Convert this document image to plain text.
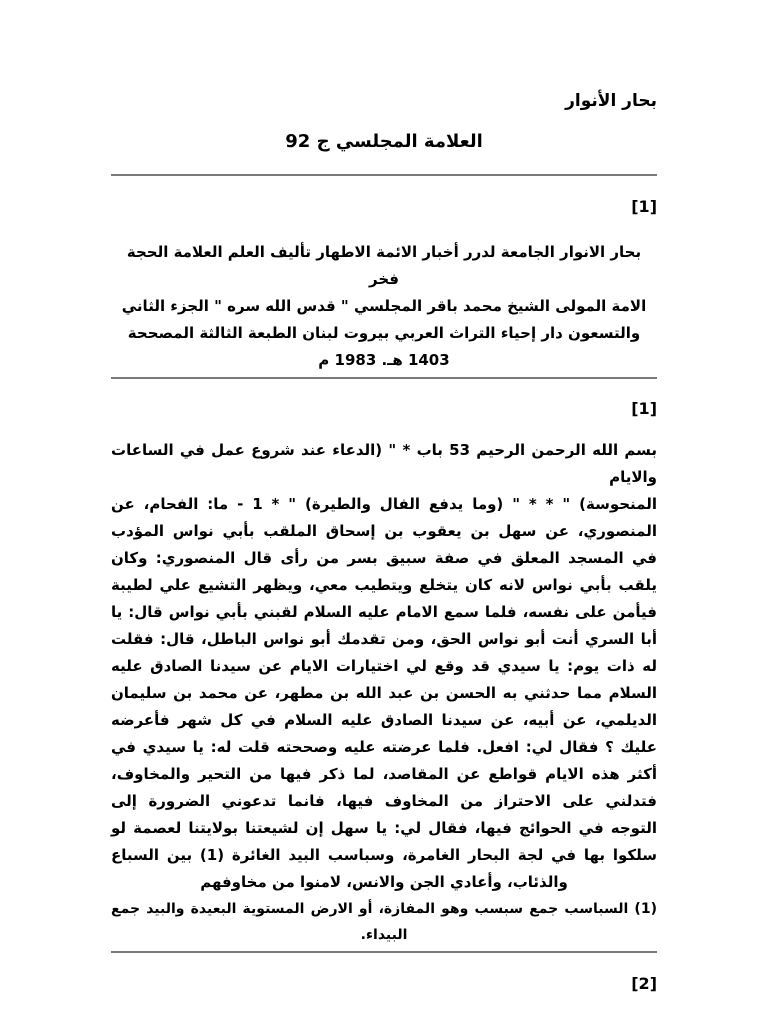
بحار الأنوار
العلامة المجلسي ج 92
[1]
بحار الانوار الجامعة لدرر أخبار الائمة الاطهار تأليف العلم العلامة الحجة فخر
الامة المولى الشيخ محمد باقر المجلسي " قدس الله سره " الجزء الثاني
والتسعون دار إحياء التراث العربي بيروت لبنان الطبعة الثالثة المصححة
1403 هـ. 1983 م
[1]
بسم الله الرحمن الرحيم 53 باب * " (الدعاء عند شروع عمل في الساعات والايام
المنحوسة) " * * " (وما يدفع الفال والطيرة) " * 1 - ما: الفحام، عن
المنصوري، عن سهل بن يعقوب بن إسحاق الملقب بأبي نواس المؤدب
في المسجد المعلق في صفة سبيق بسر من رأى قال المنصوري: وكان
يلقب بأبي نواس لانه كان يتخلع ويتطيب معي، ويظهر التشيع علي لطيبة
فيأمن على نفسه، فلما سمع الامام عليه السلام لقبني بأبي نواس قال: يا
أبا السري أنت أبو نواس الحق، ومن تقدمك أبو نواس الباطل، قال: فقلت
له ذات يوم: يا سيدي قد وقع لي اختيارات الايام عن سيدنا الصادق عليه
السلام مما حدثني به الحسن بن عبد الله بن مطهر، عن محمد بن سليمان
الديلمي، عن أبيه، عن سيدنا الصادق عليه السلام في كل شهر فأعرضه
عليك ؟ فقال لي: افعل. فلما عرضته عليه وصححته قلت له: يا سيدي في
أكثر هذه الايام قواطع عن المقاصد، لما ذكر فيها من التحير والمخاوف،
فتدلني على الاحتراز من المخاوف فيها، فانما تدعوني الضرورة إلى
التوجه في الحوائج فيها، فقال لي: يا سهل إن لشيعتنا بولايتنا لعصمة لو
سلكوا بها في لجة البحار الغامرة، وسباسب البيد الغائرة (1) بين السباع
والذئاب، وأعادي الجن والانس، لامنوا من مخاوفهم
(1) السباسب جمع سبسب وهو المفازة، أو الارض المستوية البعيدة والبيد جمع
البيداء.
[2]
